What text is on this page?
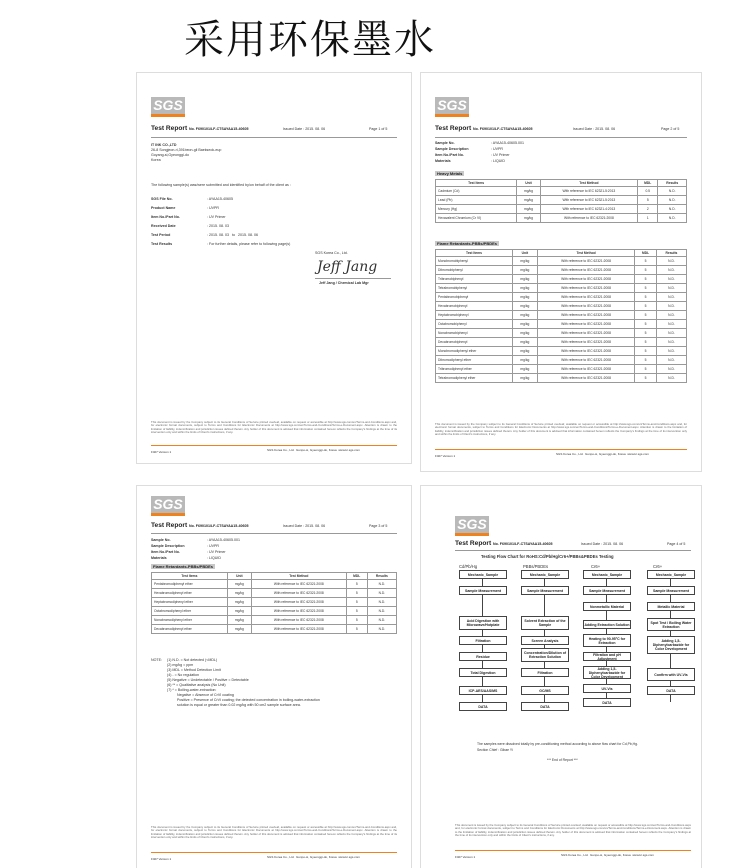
采用环保墨水
SGS
Test Report No. F690101/LF-CTSAYAA15-40605	Issued Date : 2015. 08. 06	Page 1 of 5
IT INK CO.,LTD
26-8 Songjeon-ri,391beon-gil Baekseok-eup
Goyang-si,Gyeonggi-do
Korea
The following sample(s) was/were submitted and identified by/on behalf of the client as :
SGS File No.	: AYAA15-40605
Product Name	: UVPR
Item No./Part No.	: UV Primer
Received Date	: 2015. 08. 03
Test Period	: 2015. 08. 03   to   2015. 08. 06
Test Results	: For further details, please refer to following page(s)
SGS Korea Co., Ltd.
Jeff Jang
Jeff Jang / Chemical Lab Mgr
This document is issued by the Company subject to its General Conditions of Service printed overleaf, available on request or accessible at http://www.sgs.com/en/Terms-and-Conditions.aspx and, for electronic format documents, subject to Terms and Conditions for Electronic Documents at http://www.sgs.com/en/Terms-and-Conditions/Terms-e-Document.aspx. Attention is drawn to the limitation of liability, indemnification and jurisdiction issues defined therein. Any holder of this document is advised that information contained hereon reflects the Company's findings at the time of its intervention only and within the limits of Client's instructions, if any.
F407 Version 1	SGS Korea Co., Ltd.  Gunpo-si, Gyeonggi-do, Korea  www.kr.sgs.com
SGS
Test Report No. F690101/LF-CTSAYAA15-40605	Issued Date : 2015. 08. 06	Page 2 of 5
Sample No.	: AYAA15-40605.001
Sample Description	: UVPR
Item No./Part No.	: UV Primer
Materials	: LIQUID
Heavy Metals
Test Items	Unit	Test Method	MDL	Results
Cadmium (Cd)	mg/kg	With reference to IEC 62321-5:2013	0.5	N.D.
Lead (Pb)	mg/kg	With reference to IEC 62321-5:2013	5	N.D.
Mercury (Hg)	mg/kg	With reference to IEC 62321-4:2013	2	N.D.
Hexavalent Chromium (Cr VI)	mg/kg	With reference to IEC 62321:2008	1	N.D.
Flame Retardants-PBBs/PBDEs
Test Items	Unit	Test Method	MDL	Results
Monobromobiphenyl	mg/kg	With reference to IEC 62321:2008	5	N.D.
Dibromobiphenyl	mg/kg	With reference to IEC 62321:2008	5	N.D.
Tribromobiphenyl	mg/kg	With reference to IEC 62321:2008	5	N.D.
Tetrabromobiphenyl	mg/kg	With reference to IEC 62321:2008	5	N.D.
Pentabromobiphenyl	mg/kg	With reference to IEC 62321:2008	5	N.D.
Hexabromobiphenyl	mg/kg	With reference to IEC 62321:2008	5	N.D.
Heptabromobiphenyl	mg/kg	With reference to IEC 62321:2008	5	N.D.
Octabromobiphenyl	mg/kg	With reference to IEC 62321:2008	5	N.D.
Nonabromobiphenyl	mg/kg	With reference to IEC 62321:2008	5	N.D.
Decabromobiphenyl	mg/kg	With reference to IEC 62321:2008	5	N.D.
Monobromodiphenyl ether	mg/kg	With reference to IEC 62321:2008	5	N.D.
Dibromodiphenyl ether	mg/kg	With reference to IEC 62321:2008	5	N.D.
Tribromodiphenyl ether	mg/kg	With reference to IEC 62321:2008	5	N.D.
Tetrabromodiphenyl ether	mg/kg	With reference to IEC 62321:2008	5	N.D.
This document is issued by the Company subject to its General Conditions of Service printed overleaf, available on request or accessible at http://www.sgs.com/en/Terms-and-Conditions.aspx and, for electronic format documents, subject to Terms and Conditions for Electronic Documents at http://www.sgs.com/en/Terms-and-Conditions/Terms-e-Document.aspx. Attention is drawn to the limitation of liability, indemnification and jurisdiction issues defined therein. Any holder of this document is advised that information contained hereon reflects the Company's findings at the time of its intervention only and within the limits of Client's instructions, if any.
F407 Version 1	SGS Korea Co., Ltd.  Gunpo-si, Gyeonggi-do, Korea  www.kr.sgs.com
SGS
Test Report No. F690101/LF-CTSAYAA15-40605	Issued Date : 2015. 08. 06	Page 3 of 5
Sample No.	: AYAA15-40605.001
Sample Description	: UVPR
Item No./Part No.	: UV Primer
Materials	: LIQUID
Flame Retardants-PBBs/PBDEs
Test Items	Unit	Test Method	MDL	Results
Pentabromodiphenyl ether	mg/kg	With reference to IEC 62321:2008	5	N.D.
Hexabromodiphenyl ether	mg/kg	With reference to IEC 62321:2008	5	N.D.
Heptabromodiphenyl ether	mg/kg	With reference to IEC 62321:2008	5	N.D.
Octabromodiphenyl ether	mg/kg	With reference to IEC 62321:2008	5	N.D.
Nonabromodiphenyl ether	mg/kg	With reference to IEC 62321:2008	5	N.D.
Decabromodiphenyl ether	mg/kg	With reference to IEC 62321:2008	5	N.D.
NOTE: (1) N.D. = Not detected (<MDL)
(2) mg/kg = ppm
(3) MDL = Method Detection Limit
(4) - = No regulation
(5) Negative = Undetectable / Positive = Detectable
(6) ** = Qualitative analysis (No Unit)
(7) * = Boiling-water-extraction:
Negative = Absence of CrVI coating
Positive = Presence of CrVI coating; the detected concentration in boiling-water-extraction
solution is equal or greater than 0.02 mg/kg with 50 cm2 sample surface area.
This document is issued by the Company subject to its General Conditions of Service printed overleaf, available on request or accessible at http://www.sgs.com/en/Terms-and-Conditions.aspx and, for electronic format documents, subject to Terms and Conditions for Electronic Documents at http://www.sgs.com/en/Terms-and-Conditions/Terms-e-Document.aspx. Attention is drawn to the limitation of liability, indemnification and jurisdiction issues defined therein. Any holder of this document is advised that information contained hereon reflects the Company's findings at the time of its intervention only and within the limits of Client's instructions, if any.
F407 Version 1	SGS Korea Co., Ltd.  Gunpo-si, Gyeonggi-do, Korea  www.kr.sgs.com
SGS
Test Report No. F690101/LF-CTSAYAA15-40605	Issued Date : 2015. 08. 06	Page 4 of 5
Testing Flow Chart for RoHS:Cd/Pb/Hg/Cr6+/PBBs&PBDEs Testing
Cd/Pb/Hg	PBBs/PBDEs	Cr6+	Cr6+
Mechanic_Sample	Mechanic_Sample	Mechanic_Sample	Mechanic_Sample
Sample Measurement	Sample Measurement	Sample Measurement	Sample Measurement
Nonmetallic Material	Metallic Material
Acid Digestion with Microwave/Hotplate
Solvent Extraction of the Sample	Adding Extraction Solution	Spot Test / Boiling Water Extraction
Filtration	Screen Analysis	Heating to 90-95°C for Extraction	Adding 1,5-Diphenylcarbazide for Color Development
Residue
Concentration/Dilution of Extraction Solution
Filtration and pH Adjustment
Total Digestion	Filtration
Adding 1,5-Diphenylcarbazide for Color Development	Confirm with UV-Vis
ICP-AES/AAS/MS	GC/MS	UV-Vis	DATA
DATA	DATA
DATA
The samples were dissolved totally by pre-conditioning method according to above flow chart for Cd,Pb,Hg.
Section Chief : Gibae Yi
*** End of Report ***
This document is issued by the Company subject to its General Conditions of Service printed overleaf, available on request or accessible at http://www.sgs.com/en/Terms-and-Conditions.aspx and, for electronic format documents, subject to Terms and Conditions for Electronic Documents at http://www.sgs.com/en/Terms-and-Conditions/Terms-e-Document.aspx. Attention is drawn to the limitation of liability, indemnification and jurisdiction issues defined therein. Any holder of this document is advised that information contained hereon reflects the Company's findings at the time of its intervention only and within the limits of Client's instructions, if any.
F407 Version 1	SGS Korea Co., Ltd.  Gunpo-si, Gyeonggi-do, Korea  www.kr.sgs.com
